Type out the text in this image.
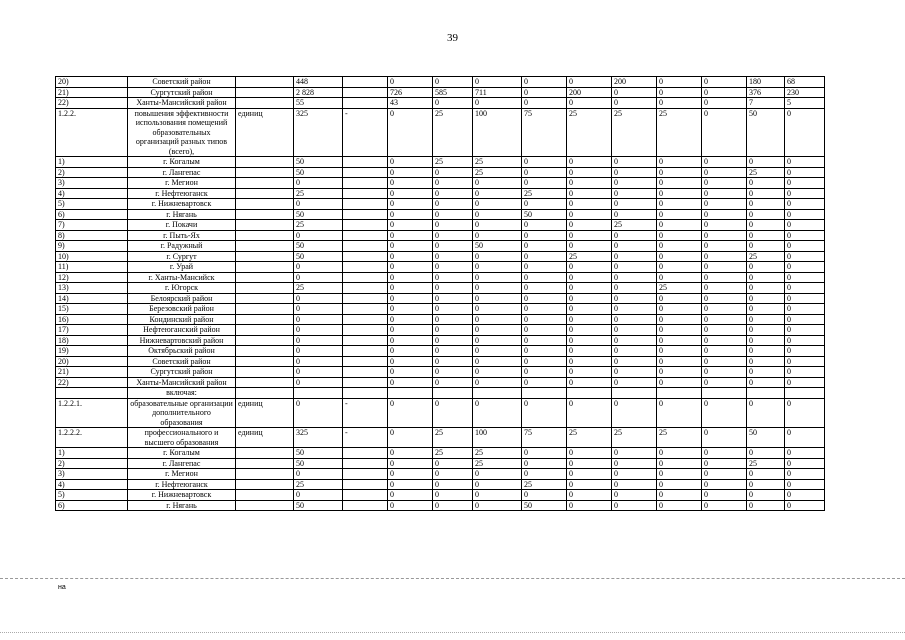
39
20)	Советский район		448		0	0	0	0	0	200	0	0	180	68
21)	Сургутский район		2 828		726	585	711	0	200	0	0	0	376	230
22)	Ханты-Мансийский район		55		43	0	0	0	0	0	0	0	7	5
1.2.2.	повышения эффективности использования помещений образовательных организаций разных типов (всего),	единиц	325	-	0	25	100	75	25	25	25	0	50	0
1)	г. Когалым		50		0	25	25	0	0	0	0	0	0	0
2)	г. Лангепас		50		0	0	25	0	0	0	0	0	25	0
3)	г. Мегион		0		0	0	0	0	0	0	0	0	0	0
4)	г. Нефтеюганск		25		0	0	0	25	0	0	0	0	0	0
5)	г. Нижневартовск		0		0	0	0	0	0	0	0	0	0	0
6)	г. Нягань		50		0	0	0	50	0	0	0	0	0	0
7)	г. Покачи		25		0	0	0	0	0	25	0	0	0	0
8)	г. Пыть-Ях		0		0	0	0	0	0	0	0	0	0	0
9)	г. Радужный		50		0	0	50	0	0	0	0	0	0	0
10)	г. Сургут		50		0	0	0	0	25	0	0	0	25	0
11)	г. Урай		0		0	0	0	0	0	0	0	0	0	0
12)	г. Ханты-Мансийск		0		0	0	0	0	0	0	0	0	0	0
13)	г. Югорск		25		0	0	0	0	0	0	25	0	0	0
14)	Белоярский район		0		0	0	0	0	0	0	0	0	0	0
15)	Березовский район		0		0	0	0	0	0	0	0	0	0	0
16)	Кондинский район		0		0	0	0	0	0	0	0	0	0	0
17)	Нефтеюганский район		0		0	0	0	0	0	0	0	0	0	0
18)	Нижневартовский район		0		0	0	0	0	0	0	0	0	0	0
19)	Октябрьский район		0		0	0	0	0	0	0	0	0	0	0
20)	Советский район		0		0	0	0	0	0	0	0	0	0	0
21)	Сургутский район		0		0	0	0	0	0	0	0	0	0	0
22)	Ханты-Мансийский район		0		0	0	0	0	0	0	0	0	0	0
	включая:													
1.2.2.1.	образовательные организации дополнительного образования	единиц	0	-	0	0	0	0	0	0	0	0	0	0
1.2.2.2.	профессионального и высшего образования	единиц	325	-	0	25	100	75	25	25	25	0	50	0
1)	г. Когалым		50		0	25	25	0	0	0	0	0	0	0
2)	г. Лангепас		50		0	0	25	0	0	0	0	0	25	0
3)	г. Мегион		0		0	0	0	0	0	0	0	0	0	0
4)	г. Нефтеюганск		25		0	0	0	25	0	0	0	0	0	0
5)	г. Нижневартовск		0		0	0	0	0	0	0	0	0	0	0
6)	г. Нягань		50		0	0	0	50	0	0	0	0	0	0
на
